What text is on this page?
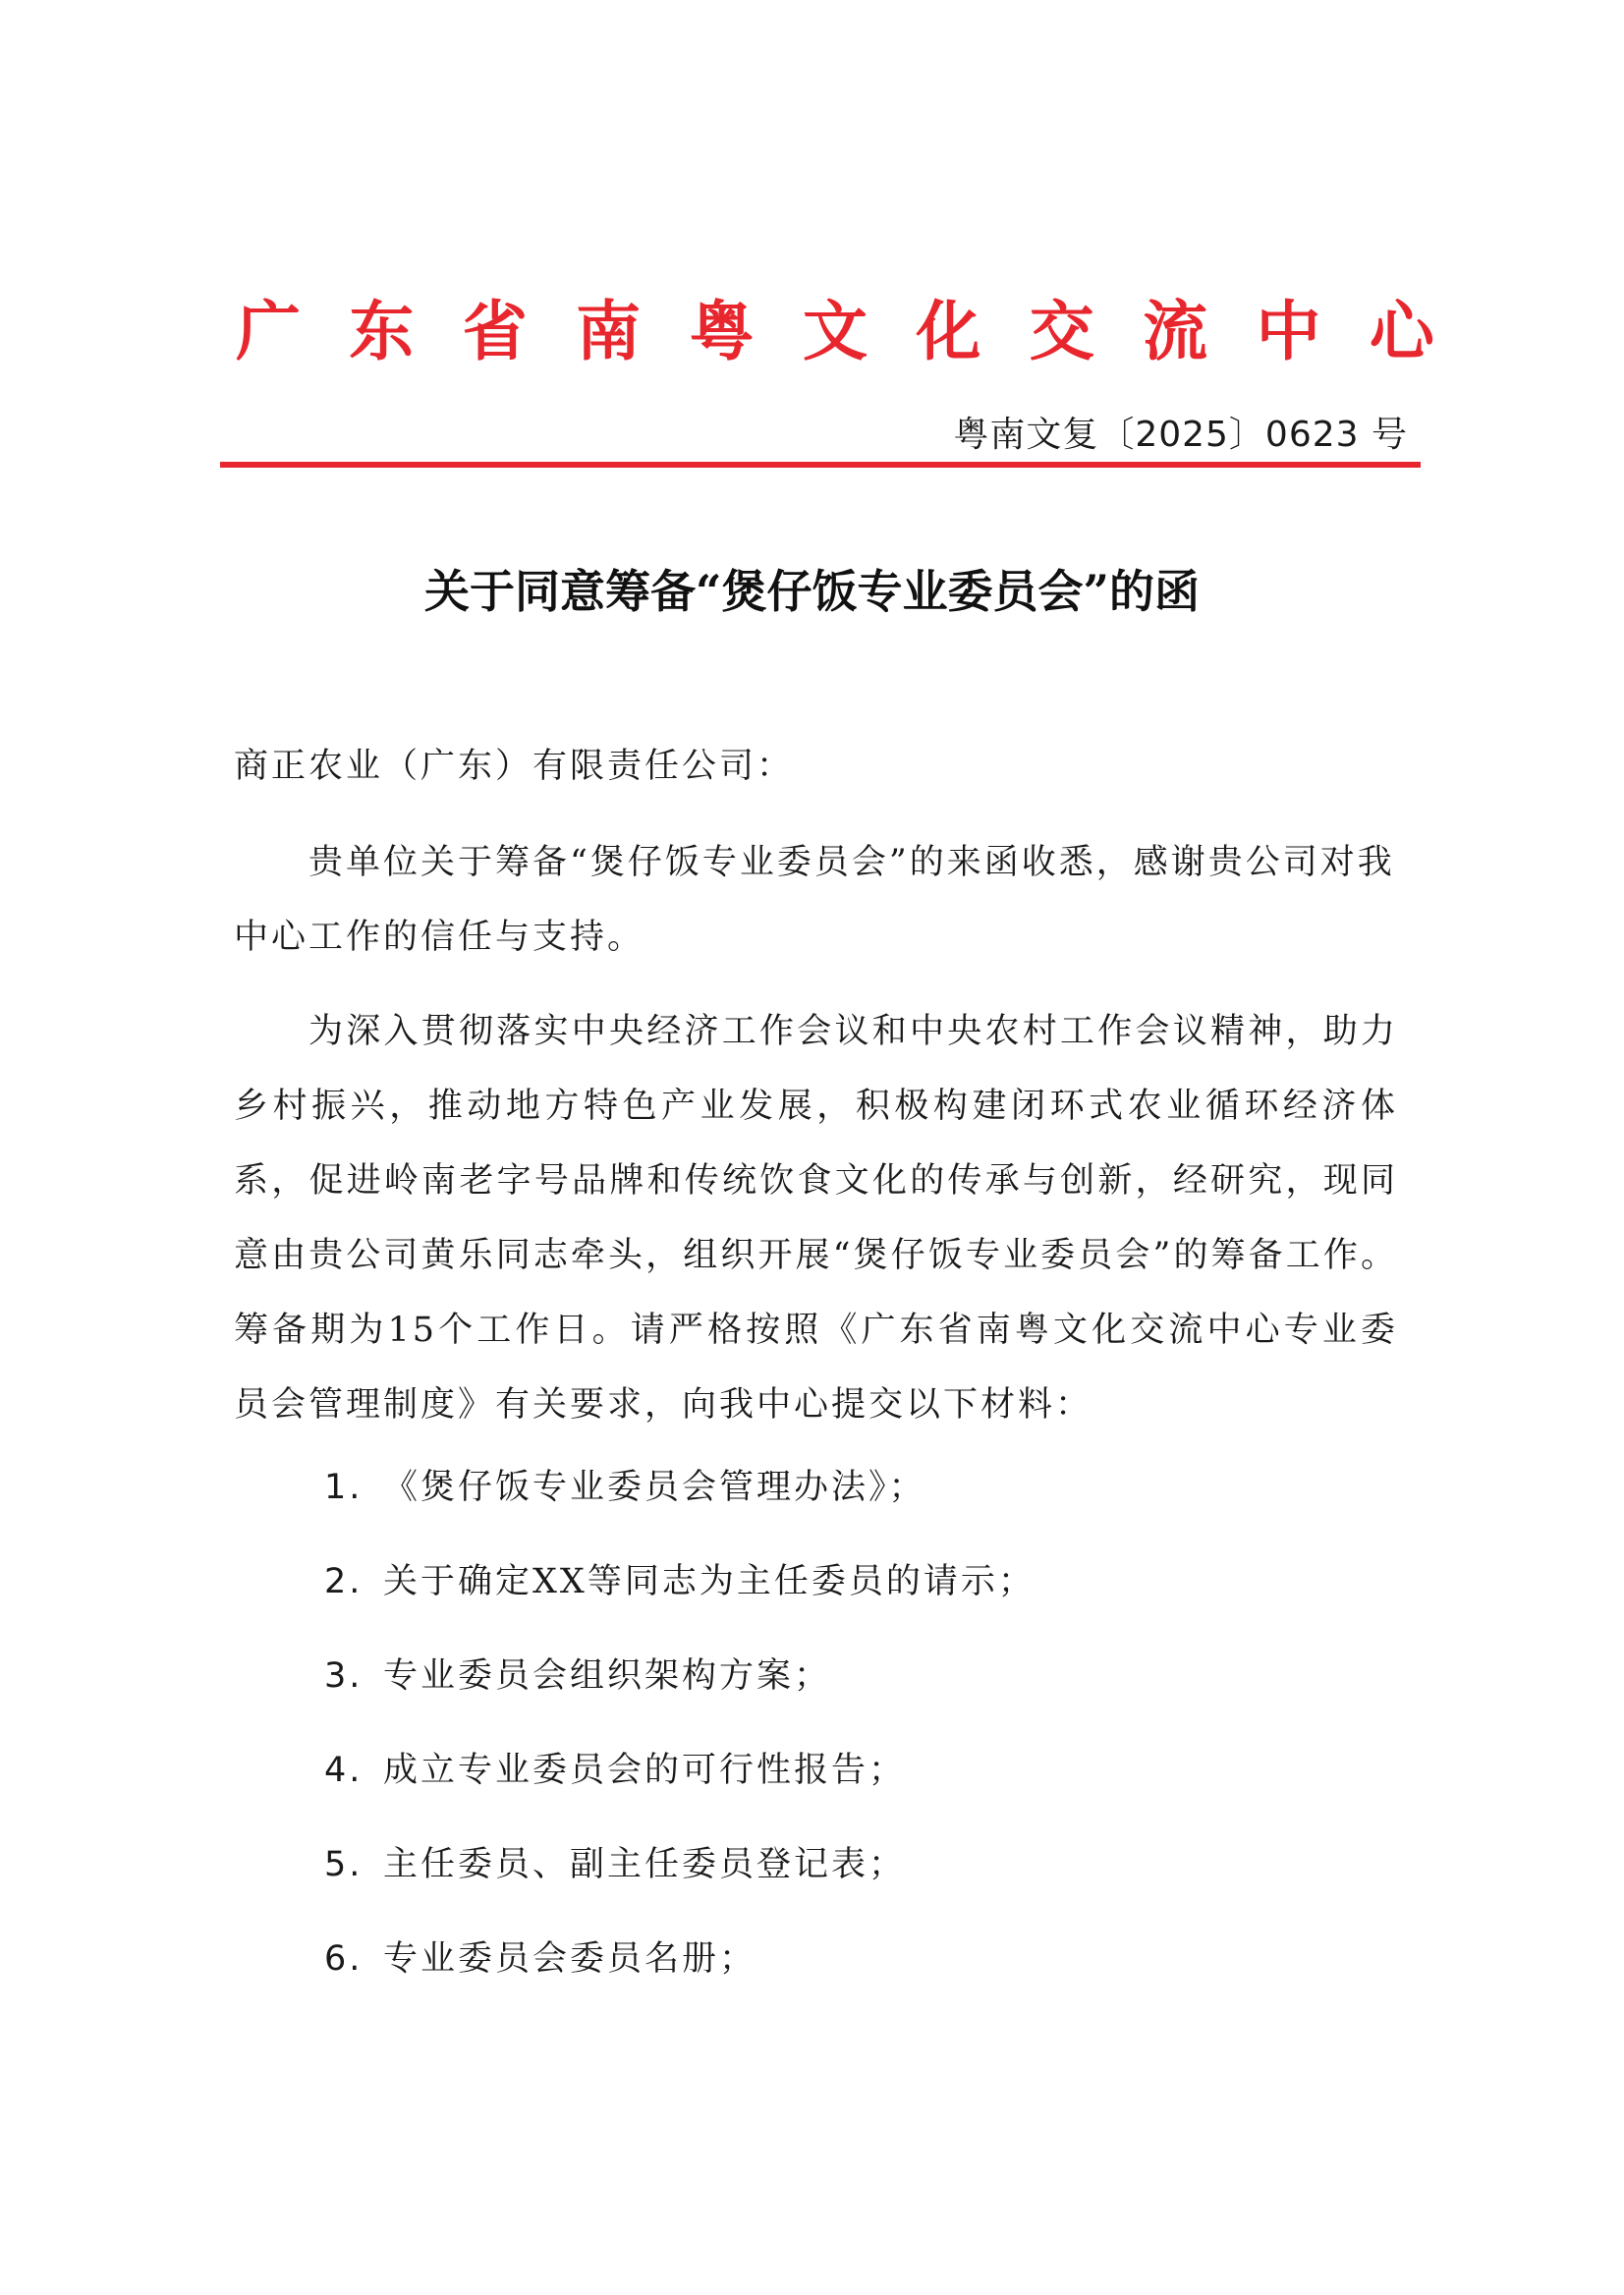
广 东 省 南 粤 文 化 交 流 中 心
粤南文复〔2025〕0623 号
关于同意筹备“煲仔饭专业委员会”的函
商正农业（广东）有限责任公司：
贵单位关于筹备“煲仔饭专业委员会”的来函收悉，感谢贵公司对我中心工作的信任与支持。
为深入贯彻落实中央经济工作会议和中央农村工作会议精神，助力乡村振兴，推动地方特色产业发展，积极构建闭环式农业循环经济体系，促进岭南老字号品牌和传统饮食文化的传承与创新，经研究，现同意由贵公司黄乐同志牵头，组织开展“煲仔饭专业委员会”的筹备工作。筹备期为15个工作日。请严格按照《广东省南粤文化交流中心专业委员会管理制度》有关要求，向我中心提交以下材料：
1. 《煲仔饭专业委员会管理办法》；
2. 关于确定XX等同志为主任委员的请示；
3. 专业委员会组织架构方案；
4. 成立专业委员会的可行性报告；
5. 主任委员、副主任委员登记表；
6. 专业委员会委员名册；
